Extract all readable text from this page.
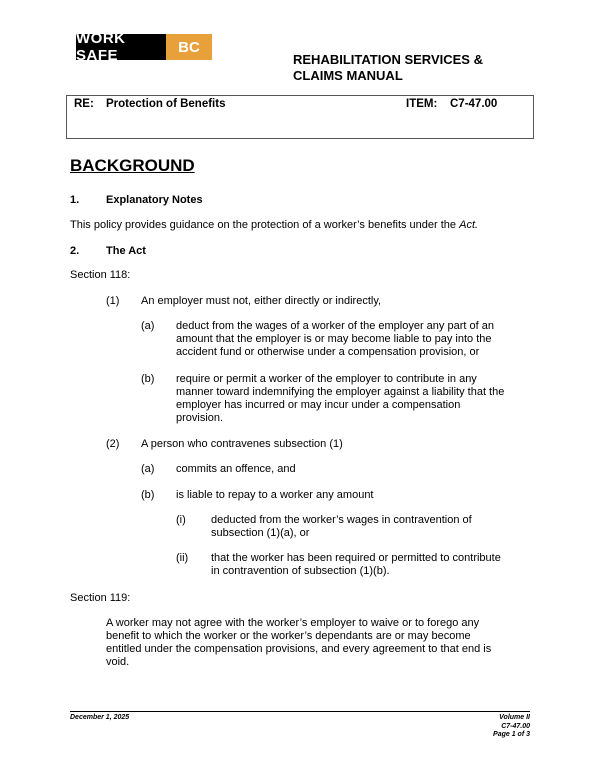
WORK SAFE	BC
REHABILITATION SERVICES &
CLAIMS MANUAL
RE: Protection of Benefits	ITEM: C7-47.00
BACKGROUND
1. Explanatory Notes
This policy provides guidance on the protection of a worker’s benefits under the Act.
2. The Act
Section 118:
(1) An employer must not, either directly or indirectly,
(a) deduct from the wages of a worker of the employer any part of an
amount that the employer is or may become liable to pay into the
accident fund or otherwise under a compensation provision, or
(b) require or permit a worker of the employer to contribute in any
manner toward indemnifying the employer against a liability that the
employer has incurred or may incur under a compensation
provision.
(2) A person who contravenes subsection (1)
(a) commits an offence, and
(b) is liable to repay to a worker any amount
(i) deducted from the worker’s wages in contravention of
subsection (1)(a), or
(ii) that the worker has been required or permitted to contribute
in contravention of subsection (1)(b).
Section 119:
A worker may not agree with the worker’s employer to waive or to forego any
benefit to which the worker or the worker’s dependants are or may become
entitled under the compensation provisions, and every agreement to that end is
void.
December 1, 2025	Volume II
C7-47.00
Page 1 of 3
